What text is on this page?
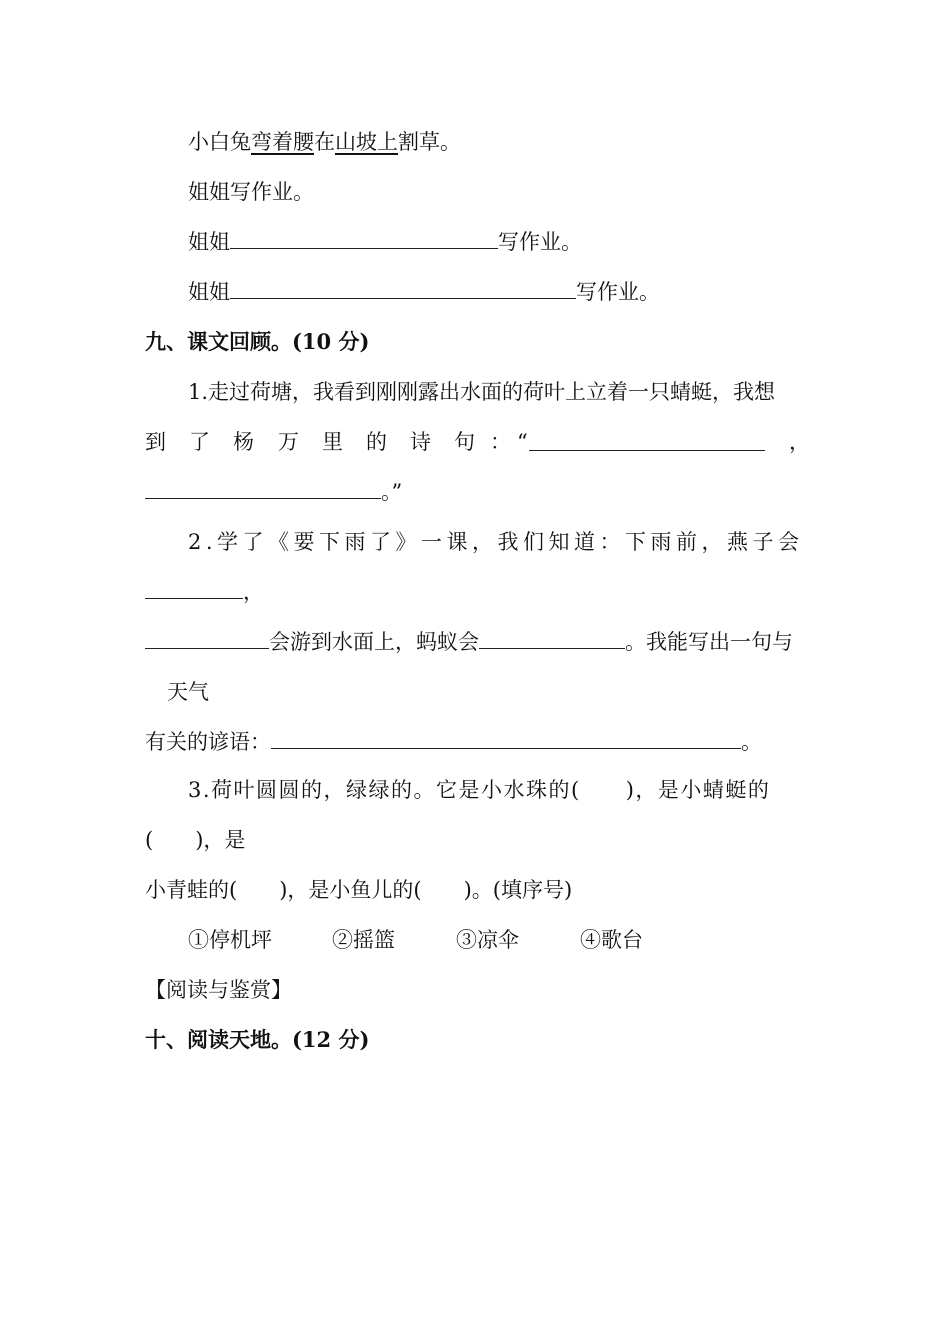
小白兔弯着腰在山坡上割草。
姐姐写作业。
姐姐	写作业。
姐姐	写作业。
九、课文回顾。(10 分)
1.走过荷塘，我看到刚刚露出水面的荷叶上立着一只蜻蜓，我想
到 了 杨 万 里 的 诗 句 ： “	，
。”
2.学了《要下雨了》一课，我们知道：下雨前，燕子会
，
会游到水面上，蚂蚁会	。我能写出一句与
天气
有关的谚语：	。
3.荷叶圆圆的，绿绿的。它是小水珠的(　　)，是小蜻蜓的
(　　)，是
小青蛙的(　　)，是小鱼儿的(　　)。(填序号)
①停机坪	②摇篮	③凉伞	④歌台
【阅读与鉴赏】
十、阅读天地。(12 分)
